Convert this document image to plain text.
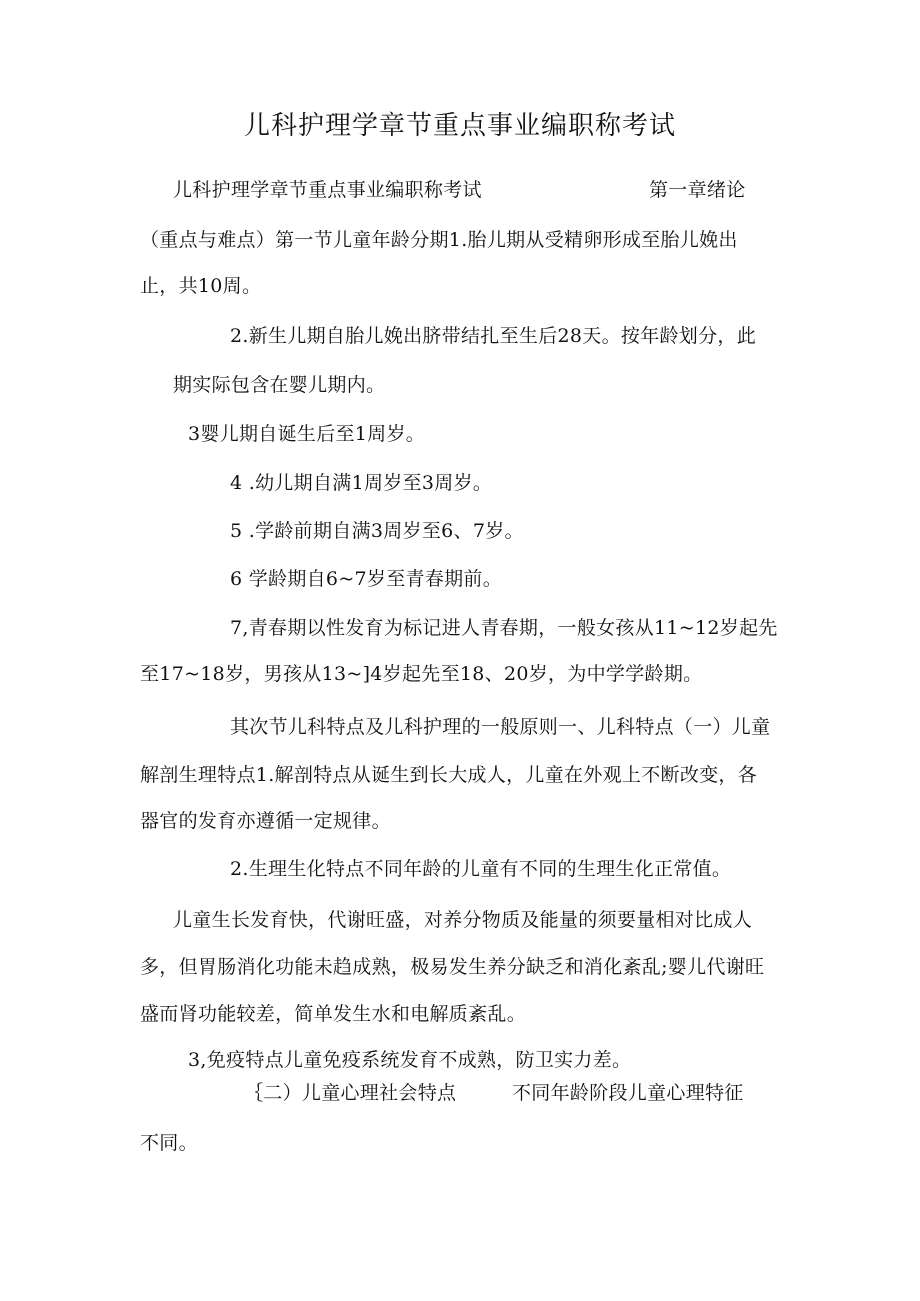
儿科护理学章节重点事业编职称考试
儿科护理学章节重点事业编职称考试	第一章绪论
（重点与难点）第一节儿童年龄分期1.胎儿期从受精卵形成至胎儿娩出
止，共10周。
2.新生儿期自胎儿娩出脐带结扎至生后28天。按年龄划分，此
期实际包含在婴儿期内。
3婴儿期自诞生后至1周岁。
4 .幼儿期自满1周岁至3周岁。
5 .学龄前期自满3周岁至6、7岁。
6 学龄期自6~7岁至青春期前。
7,青春期以性发育为标记进人青春期，一般女孩从11~12岁起先
至17~18岁，男孩从13~]4岁起先至18、20岁，为中学学龄期。
其次节儿科特点及儿科护理的一般原则一、儿科特点（一）儿童
解剖生理特点1.解剖特点从诞生到长大成人，儿童在外观上不断改变，各
器官的发育亦遵循一定规律。
2.生理生化特点不同年龄的儿童有不同的生理生化正常值。
儿童生长发育快，代谢旺盛，对养分物质及能量的须要量相对比成人
多，但胃肠消化功能未趋成熟，极易发生养分缺乏和消化紊乱;婴儿代谢旺
盛而肾功能较差，简单发生水和电解质紊乱。
3,免疫特点儿童免疫系统发育不成熟，防卫实力差。
｛二）儿童心理社会特点	不同年龄阶段儿童心理特征
不同。
